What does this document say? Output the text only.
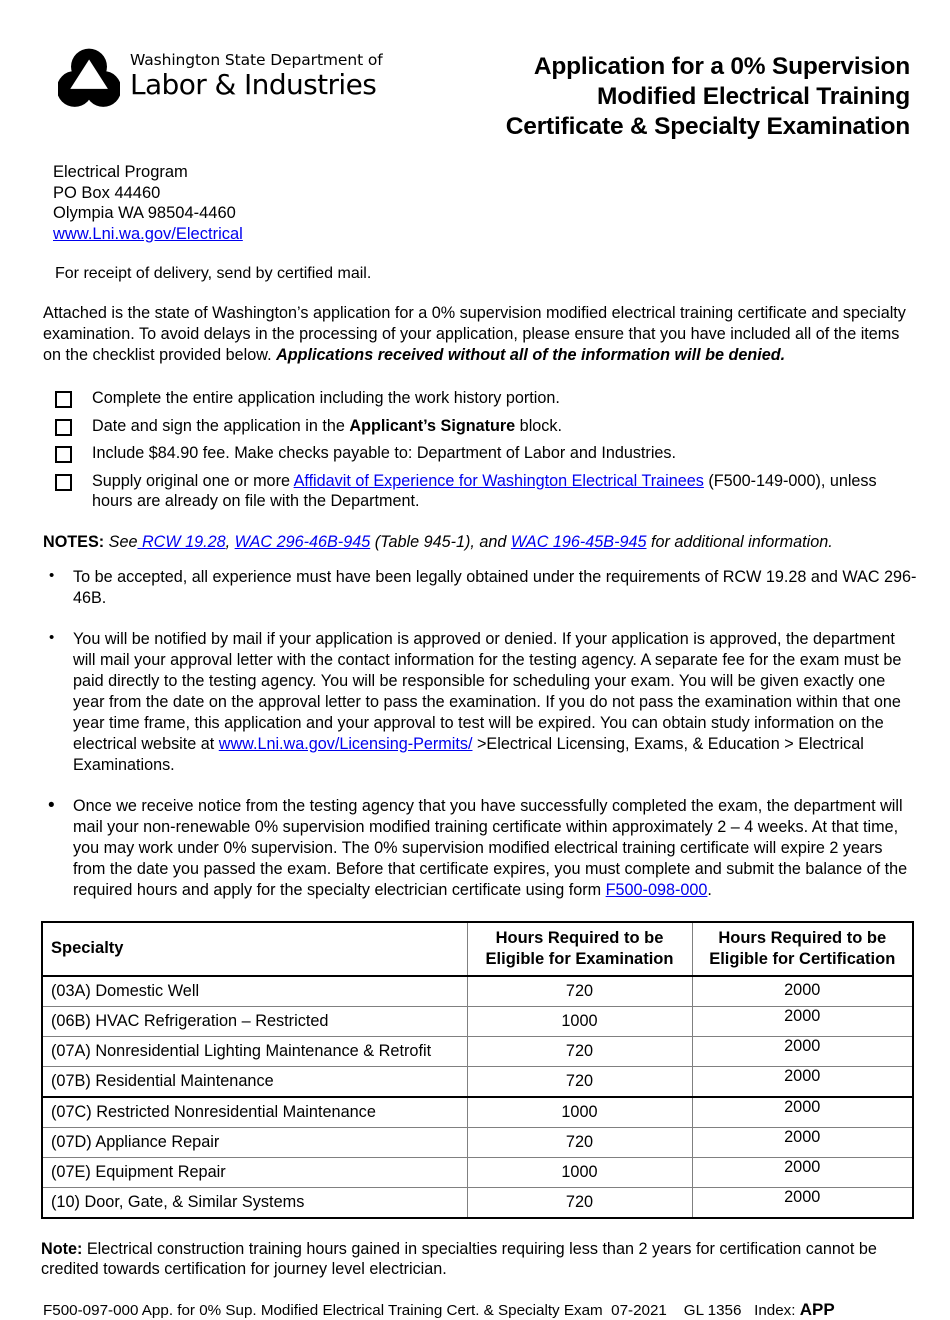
Washington State Department of
Labor & Industries
Application for a 0% Supervision
Modified Electrical Training
Certificate & Specialty Examination
Electrical Program
PO Box 44460
Olympia WA 98504-4460
www.Lni.wa.gov/Electrical
For receipt of delivery, send by certified mail.
Attached is the state of Washington’s application for a 0% supervision modified electrical training certificate and specialty examination. To avoid delays in the processing of your application, please ensure that you have included all of the items on the checklist provided below. Applications received without all of the information will be denied.
Complete the entire application including the work history portion.
Date and sign the application in the Applicant’s Signature block.
Include $84.90 fee. Make checks payable to: Department of Labor and Industries.
Supply original one or more Affidavit of Experience for Washington Electrical Trainees (F500-149-000), unless hours are already on file with the Department.
NOTES: See RCW 19.28, WAC 296-46B-945 (Table 945-1), and WAC 196-45B-945 for additional information.
• To be accepted, all experience must have been legally obtained under the requirements of RCW 19.28 and WAC 296-46B.
• You will be notified by mail if your application is approved or denied. If your application is approved, the department will mail your approval letter with the contact information for the testing agency. A separate fee for the exam must be paid directly to the testing agency. You will be responsible for scheduling your exam. You will be given exactly one year from the date on the approval letter to pass the examination. If you do not pass the examination within that one year time frame, this application and your approval to test will be expired. You can obtain study information on the electrical website at www.Lni.wa.gov/Licensing-Permits/ >Electrical Licensing, Exams, & Education > Electrical Examinations.
• Once we receive notice from the testing agency that you have successfully completed the exam, the department will mail your non-renewable 0% supervision modified training certificate within approximately 2 – 4 weeks. At that time, you may work under 0% supervision. The 0% supervision modified electrical training certificate will expire 2 years from the date you passed the exam. Before that certificate expires, you must complete and submit the balance of the required hours and apply for the specialty electrician certificate using form F500-098-000.
Specialty	Hours Required to be Eligible for Examination	Hours Required to be Eligible for Certification
(03A) Domestic Well	720	2000
(06B) HVAC Refrigeration – Restricted	1000	2000
(07A) Nonresidential Lighting Maintenance & Retrofit	720	2000
(07B) Residential Maintenance	720	2000
(07C) Restricted Nonresidential Maintenance	1000	2000
(07D) Appliance Repair	720	2000
(07E) Equipment Repair	1000	2000
(10) Door, Gate, & Similar Systems	720	2000
Note: Electrical construction training hours gained in specialties requiring less than 2 years for certification cannot be credited towards certification for journey level electrician.
F500-097-000 App. for 0% Sup. Modified Electrical Training Cert. & Specialty Exam  07-2021 GL 1356 Index: APP
